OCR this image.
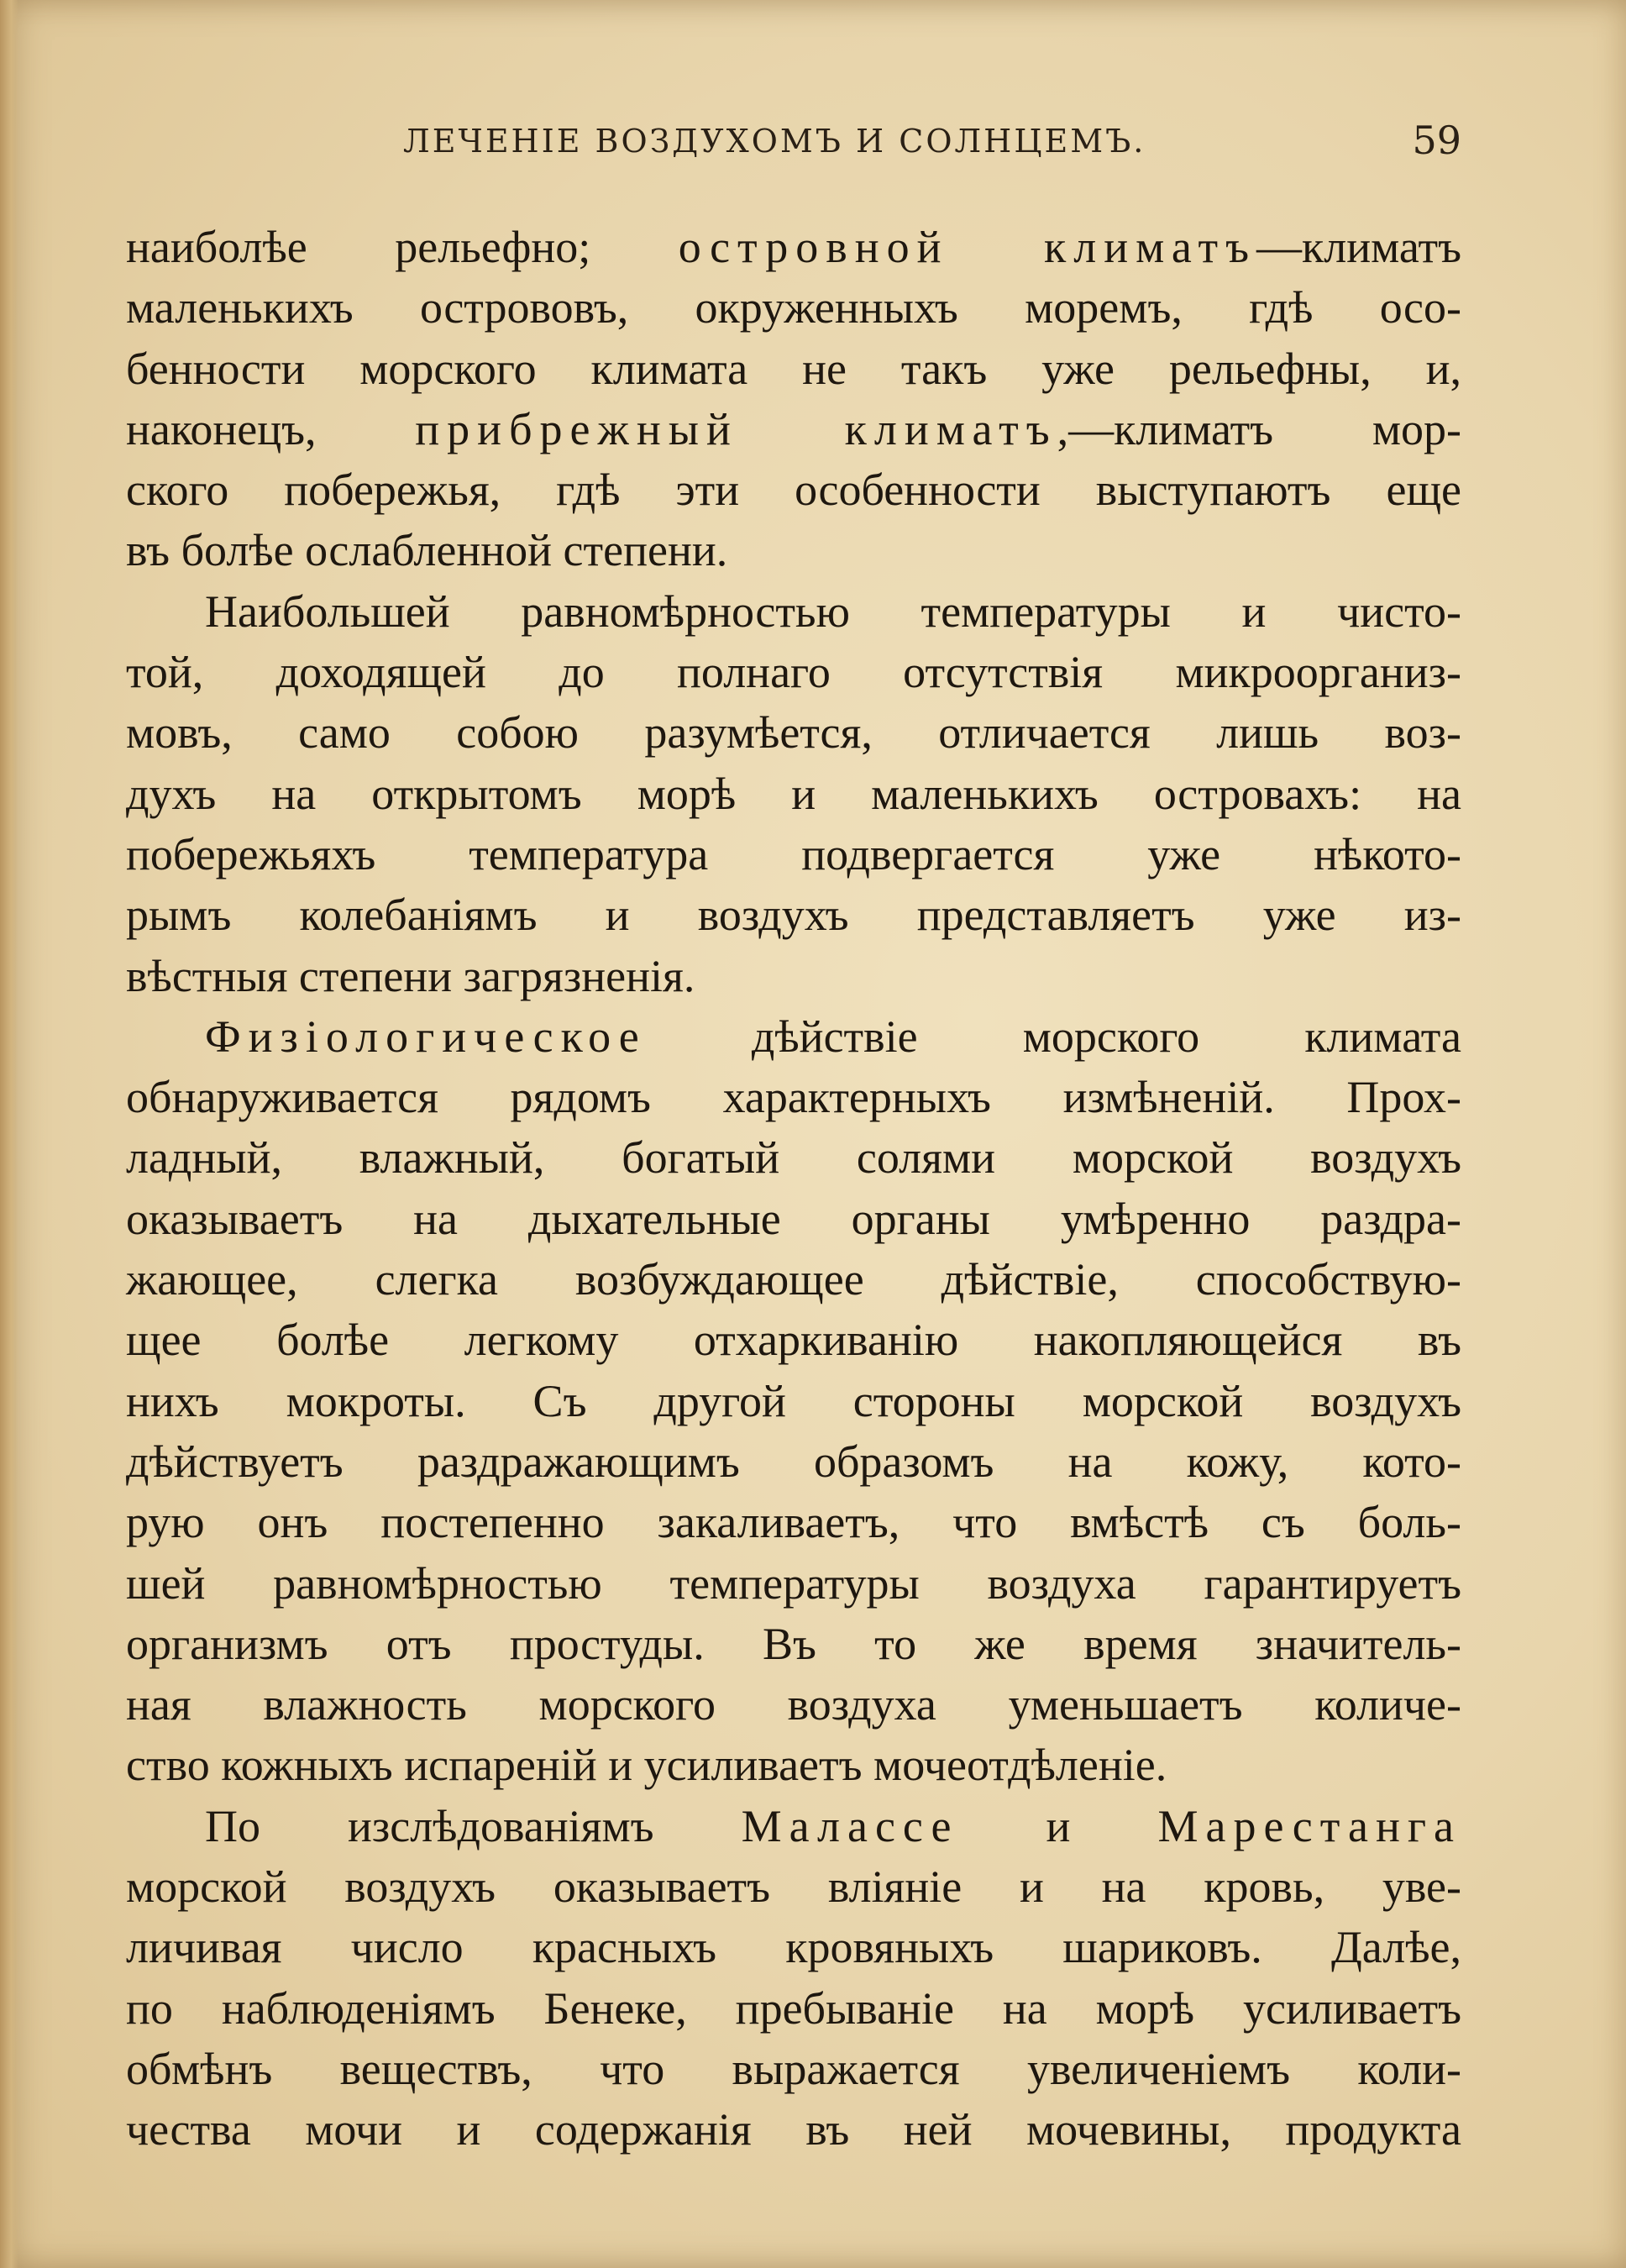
ЛЕЧЕНІЕ ВОЗДУХОМЪ И СОЛНЦЕМЪ.	59
наиболѣе рельефно; островной климатъ—климатъ
маленькихъ острововъ, окруженныхъ моремъ, гдѣ осо-
бенности морского климата не такъ уже рельефны, и,
наконецъ, прибрежный климатъ,—климатъ мор-
ского побережья, гдѣ эти особенности выступаютъ еще
въ болѣе ослабленной степени.
Наибольшей равномѣрностью температуры и чисто-
той, доходящей до полнаго отсутствія микроорганиз-
мовъ, само собою разумѣется, отличается лишь воз-
духъ на открытомъ морѣ и маленькихъ островахъ: на
побережьяхъ температура подвергается уже нѣкото-
рымъ колебаніямъ и воздухъ представляетъ уже из-
вѣстныя степени загрязненія.
Физіологическое дѣйствіе морского климата
обнаруживается рядомъ характерныхъ измѣненій. Прох-
ладный, влажный, богатый солями морской воздухъ
оказываетъ на дыхательные органы умѣренно раздра-
жающее, слегка возбуждающее дѣйствіе, способствую-
щее болѣе легкому отхаркиванію накопляющейся въ
нихъ мокроты. Съ другой стороны морской воздухъ
дѣйствуетъ раздражающимъ образомъ на кожу, кото-
рую онъ постепенно закаливаетъ, что вмѣстѣ съ боль-
шей равномѣрностью температуры воздуха гарантируетъ
организмъ отъ простуды. Въ то же время значитель-
ная влажность морского воздуха уменьшаетъ количе-
ство кожныхъ испареній и усиливаетъ мочеотдѣленіе.
По изслѣдованіямъ Малассе и Марестанга
морской воздухъ оказываетъ вліяніе и на кровь, уве-
личивая число красныхъ кровяныхъ шариковъ. Далѣе,
по наблюденіямъ Бенеке, пребываніе на морѣ усиливаетъ
обмѣнъ веществъ, что выражается увеличеніемъ коли-
чества мочи и содержанія въ ней мочевины, продукта
